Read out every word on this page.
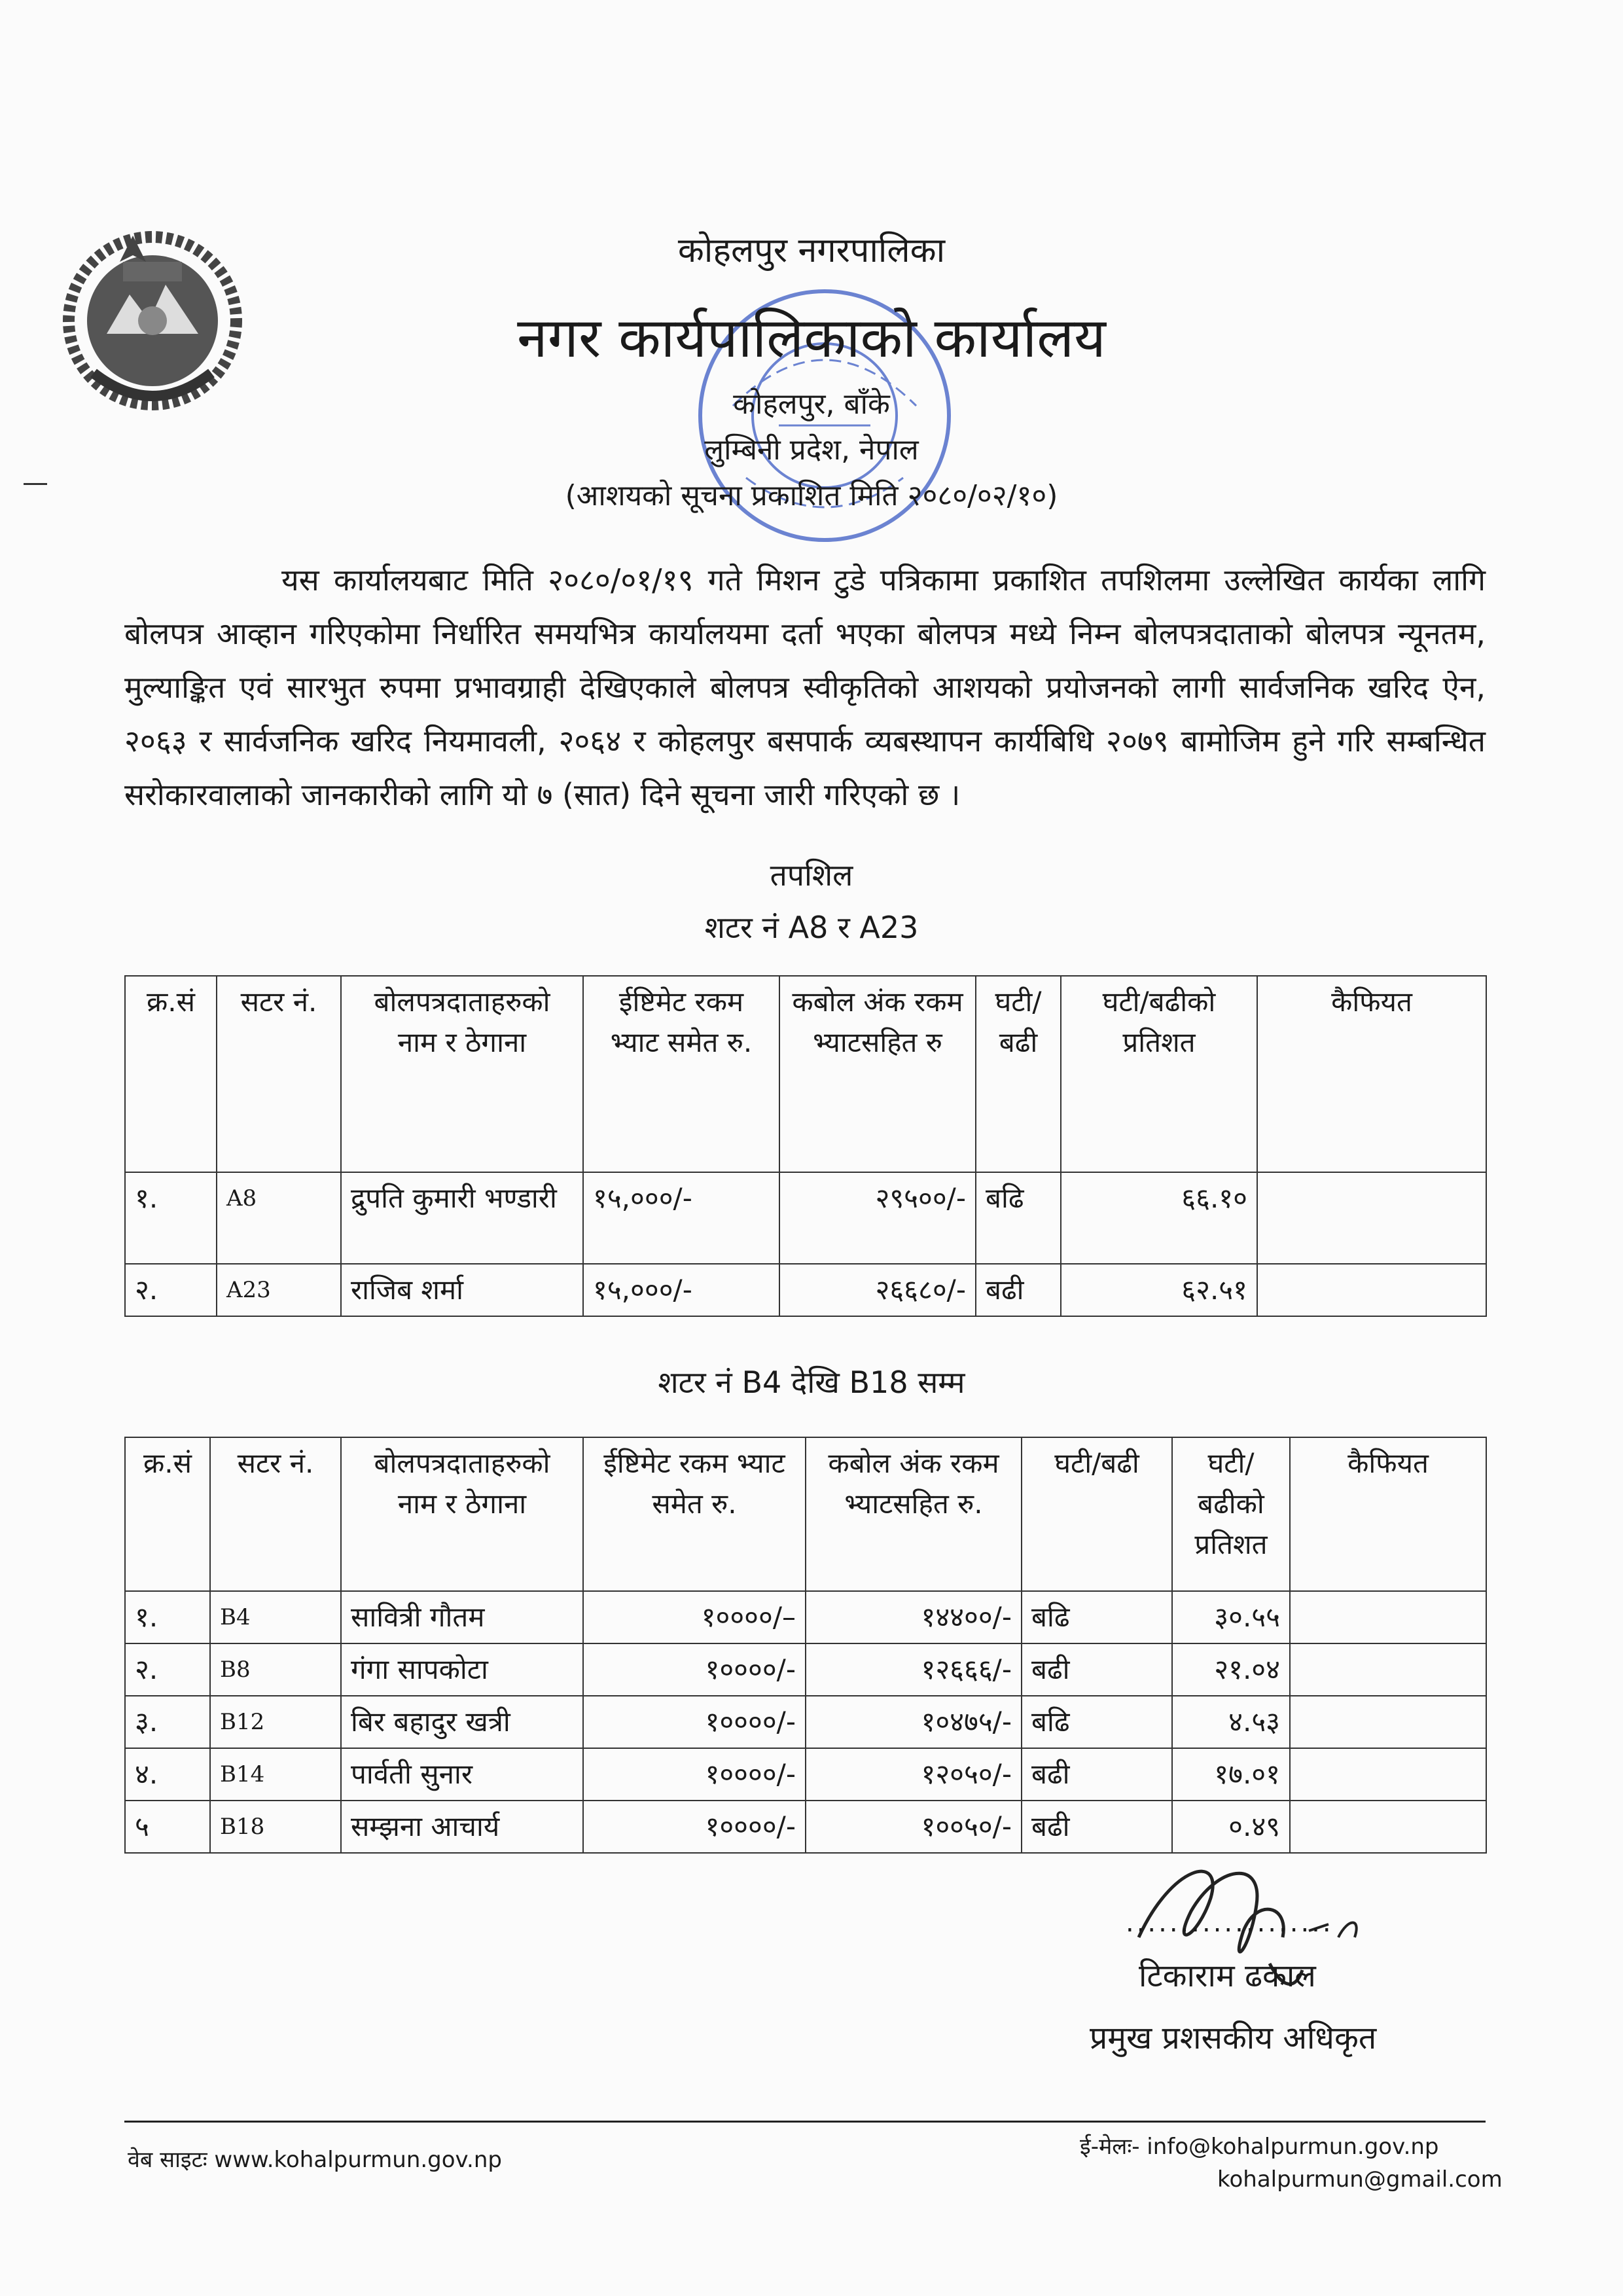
कोहलपुर नगरपालिका
नगर कार्यपालिकाको कार्यालय
कोहलपुर, बाँके
लुम्बिनी प्रदेश, नेपाल
(आशयको सूचना प्रकाशित मिति २०८०/०२/१०)

यस कार्यालयबाट मिति २०८०/०१/१९ गते मिशन टुडे पत्रिकामा प्रकाशित तपशिलमा उल्लेखित कार्यका लागि बोलपत्र आव्हान गरिएकोमा निर्धारित समयभित्र कार्यालयमा दर्ता भएका बोलपत्र मध्ये निम्न बोलपत्रदाताको बोलपत्र न्यूनतम, मुल्याङ्कित एवं सारभुत रुपमा प्रभावग्राही देखिएकाले बोलपत्र स्वीकृतिको आशयको प्रयोजनको लागी सार्वजनिक खरिद ऐन, २०६३ र सार्वजनिक खरिद नियमावली, २०६४ र कोहलपुर बसपार्क व्यबस्थापन कार्यबिधि २०७९ बामोजिम हुने गरि सम्बन्धित सरोकारवालाको जानकारीको लागि यो ७ (सात) दिने सूचना जारी गरिएको छ ।

तपशिल
शटर नं A8 र A23
क्र.सं	सटर नं.	बोलपत्रदाताहरुको नाम र ठेगाना	ईष्टिमेट रकम भ्याट समेत रु.	कबोल अंक रकम भ्याटसहित रु	घटी/ बढी	घटी/बढीको प्रतिशत	कैफियत
१.	A8	द्रुपति कुमारी भण्डारी	१५,०००/-	२९५००/-	बढि	६६.१०	
२.	A23	राजिब शर्मा	१५,०००/-	२६६८०/-	बढी	६२.५१	
शटर नं B4 देखि B18 सम्म
क्र.सं	सटर नं.	बोलपत्रदाताहरुको नाम र ठेगाना	ईष्टिमेट रकम भ्याट समेत रु.	कबोल अंक रकम भ्याटसहित रु.	घटी/बढी	घटी/बढीको प्रतिशत	कैफियत
१.	B4	सावित्री गौतम	१००००/–	१४४००/-	बढि	३०.५५	
२.	B8	गंगा सापकोटा	१००००/-	१२६६६/-	बढी	२१.०४	
३.	B12	बिर बहादुर खत्री	१००००/-	१०४७५/-	बढि	४.५३	
४.	B14	पार्वती सुनार	१००००/-	१२०५०/-	बढी	१७.०१	
५	B18	सम्झना आचार्य	१००००/-	१००५०/-	बढी	०.४९	
...................
टिकाराम ढकाल
प्रमुख प्रशसकीय अधिकृत
वेब साइटः www.kohalpurmun.gov.np	ई-मेलः- info@kohalpurmun.gov.np
kohalpurmun@gmail.com
